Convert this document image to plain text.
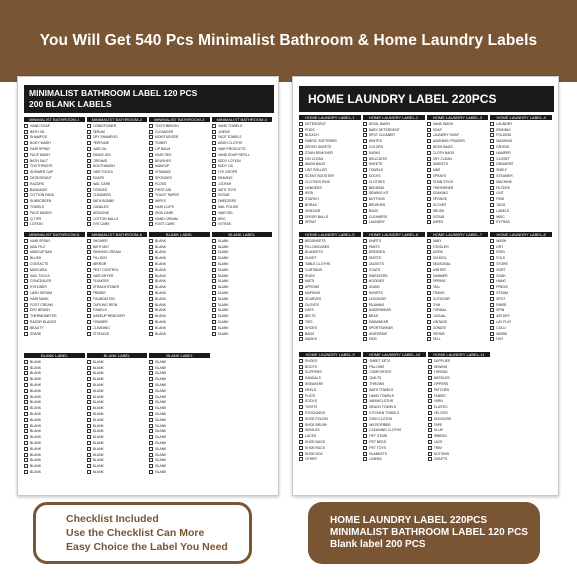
You Will Get 540 Pcs Minimalist Bathroom & Home Laundry Labels
MINIMALIST BATHROOM LABEL 120 PCS
200 BLANK LABELS
MINIMALIST BATHROOM-1
HAND SOAP
BATH OIL
SHAMPOO
BODY WASH
HAIR SPRAY
FACE WASH
BATH SALT
TOOTHPASTE
SHOWER CAP
DEODORANT
RAZORS
BANDAIDS
COTTON PADS
SUNSCREEN
TOWELS
FACE MASKS
Q-TIPS
LOTION
MINIMALIST BATHROOM-2
CONDITIONER
SERUM
DRY SHAMPOO
PERFUME
HAIR OIL
SHAVE GEL
CREAMS
MOUTHWASH
HAIR TOOLS
SOAPS
NAIL CARE
TISSUES
CLEANERS
BATH BOMBS
CANDLES
MEDICINE
COTTON BALLS
EYE CARE
MINIMALIST BATHROOM-3
TOOTHBRUSH
CLEANSER
MOISTURIZER
TONER
LIP BALM
HAIR TIES
BRUSHES
MAKEUP
VITAMINS
SPONGES
FLOSS
FIRST AID
TOILET PAPER
WIPES
HAIR CLIPS
SKIN CARE
HAND CREAM
FOOT CARE
MINIMALIST BATHROOM-4
HAND TOWELS
LINENS
FACE TOWELS
WASH CLOTHS
HAIR PRODUCTS
HAND SOAP REFILL
BODY LOTION
BODY OIL
EYE DROPS
SHAVING
LOOFAH
BATH TOYS
SCRUB
TWEEZERS
NAIL POLISH
HAIR GEL
MISC
EXTRAS
MINIMALIST BATHROOM-5
HAIR SPRAY
NAIL FILE
MAKEUP BAG
BLUSH
CONTACTS
MASCARA
NAIL TOOLS
CONCEALER
EYELINER
LASH SERUM
HAIR MASK
FOOT CREAM
DRY BRUSH
THERMOMETER
RAZOR BLADES
BEAUTY
SPARE
MINIMALIST BATHROOM-6
SHOWER
BATH MAT
SHAVING CREAM
PILL BOX
MIRROR
PEST CONTROL
HAIR DRYER
PLUNGER
STRAIGHTENER
PRIMER
FOUNDATION
CURLING IRON
TOWELS
MAKEUP REMOVER
POWDER
CLEANING
STORAGE
BLANK LABEL
BLANK
BLANK
BLANK
BLANK
BLANK
BLANK
BLANK
BLANK
BLANK
BLANK
BLANK
BLANK
BLANK
BLANK
BLANK
BLANK
BLANK
BLANK LABEL
BLANK
BLANK
BLANK
BLANK
BLANK
BLANK
BLANK
BLANK
BLANK
BLANK
BLANK
BLANK
BLANK
BLANK
BLANK
BLANK
BLANK
BLANK LABEL
BLANK
BLANK
BLANK
BLANK
BLANK
BLANK
BLANK
BLANK
BLANK
BLANK
BLANK
BLANK
BLANK
BLANK
BLANK
BLANK
BLANK
BLANK
BLANK
BLANK
BLANK LABEL
BLANK
BLANK
BLANK
BLANK
BLANK
BLANK
BLANK
BLANK
BLANK
BLANK
BLANK
BLANK
BLANK
BLANK
BLANK
BLANK
BLANK
BLANK
BLANK
BLANK
BLANK LABEL
BLANK
BLANK
BLANK
BLANK
BLANK
BLANK
BLANK
BLANK
BLANK
BLANK
BLANK
BLANK
BLANK
BLANK
BLANK
BLANK
BLANK
BLANK
BLANK
BLANK
HOME LAUNDRY LABEL 220PCS
HOME LAUNDRY LABEL-1
DETERGENT
PODS
BLEACH
FABRIC SOFTENER
DRYER SHEETS
STAIN REMOVER
OXI CLEAN
WASH BAGS
LINT ROLLER
SCENT BOOSTER
CLOTHES PINS
HANGERS
IRON
STARCH
BORAX
VINEGAR
DRYER BALLS
SPRAY
HOME LAUNDRY LABEL-2
WOOL WASH
BABY DETERGENT
SPOT CLEANER
WHITES
COLORS
DARKS
DELICATES
SHEETS
TOWELS
SOCKS
CLOTHES
BEDDING
SEWING KIT
BUTTONS
BRUSHES
RAGS
CLEANERS
LAUNDRY
HOME LAUNDRY LABEL-3
HAND WASH
SOAP
LAUNDRY SOAP
WASHING POWDER
MESH BAGS
CLOTH BAGS
DRY CLEAN
BASKETS
BINS
SPRAYS
STAIN STICK
FRESHENER
SOAKING
SPONGE
GLOVES
BRUSH
SCRUB
WIPES
HOME LAUNDRY LABEL-4
LAUNDRY
IRONING
FOLDING
WASHING
DRYING
HAMPER
CLOSET
DRAWERS
SHELF
STEAMER
MACHINE
FILTERS
LINT
PINS
TAGS
LABELS
MISC
EXTRAS
HOME LAUNDRY LABEL-5
BEDSHEETS
PILLOWCASES
BLANKETS
DUVET
TABLE CLOTHS
CURTAINS
RUGS
MATS
APRONS
NAPKINS
SCARVES
GLOVES
HATS
BELTS
TIES
SHOES
BAGS
MASKS
HOME LAUNDRY LABEL-6
SHIRTS
PANTS
DRESSES
SKIRTS
JACKETS
COATS
SWEATERS
HOODIES
JEANS
SHORTS
LEGGINGS
PAJAMAS
UNDERWEAR
BRAS
SWIMWEAR
SPORTSWEAR
UNIFORMS
KIDS
HOME LAUNDRY LABEL-7
BABY
TODDLER
WORK
SCHOOL
SEASONAL
WINTER
SUMMER
SPRING
FALL
TRAVEL
OUTDOOR
GYM
FORMAL
CASUAL
VINTAGE
DONATE
REPAIR
SELL
HOME LAUNDRY LABEL-8
WASH
DRY
IRON
FOLD
STORE
SORT
SOAK
HANG
PRESS
STEAM
SPOT
RINSE
SPIN
AIR DRY
LAY FLAT
COLD
WARM
HOT
HOME LAUNDRY LABEL-9
SHOES
BOOTS
SLIPPERS
SANDALS
SNEAKERS
HEELS
FLATS
SOCKS
TIGHTS
STOCKINGS
SHOE POLISH
SHOE BRUSH
INSOLES
LACES
SHOE BAGS
SHOE RACK
SHOE BOX
OTHER
HOME LAUNDRY LABEL-10
SHEET SETS
PILLOWS
COMFORTER
QUILTS
THROWS
BATH TOWELS
HAND TOWELS
WASHCLOTHS
BEACH TOWELS
KITCHEN TOWELS
DISH CLOTHS
MICROFIBER
CLEANING CLOTHS
PET ITEMS
PET BEDS
PET TOYS
BLANKETS
LINENS
HOME LAUNDRY LABEL-11
SUPPLIES
SEWING
THREAD
NEEDLES
ZIPPERS
PATCHES
FABRIC
YARN
ELASTIC
VELCRO
SCISSORS
TAPE
GLUE
RIBBON
LACE
TRIM
NOTIONS
CRAFTS
Checklist Included
Use the Checklist Can More
Easy Choice the Label You Need
HOME LAUNDRY LABEL 220PCS
MINIMALIST BATHROOM LABEL 120 PCS
Blank label 200 PCS
